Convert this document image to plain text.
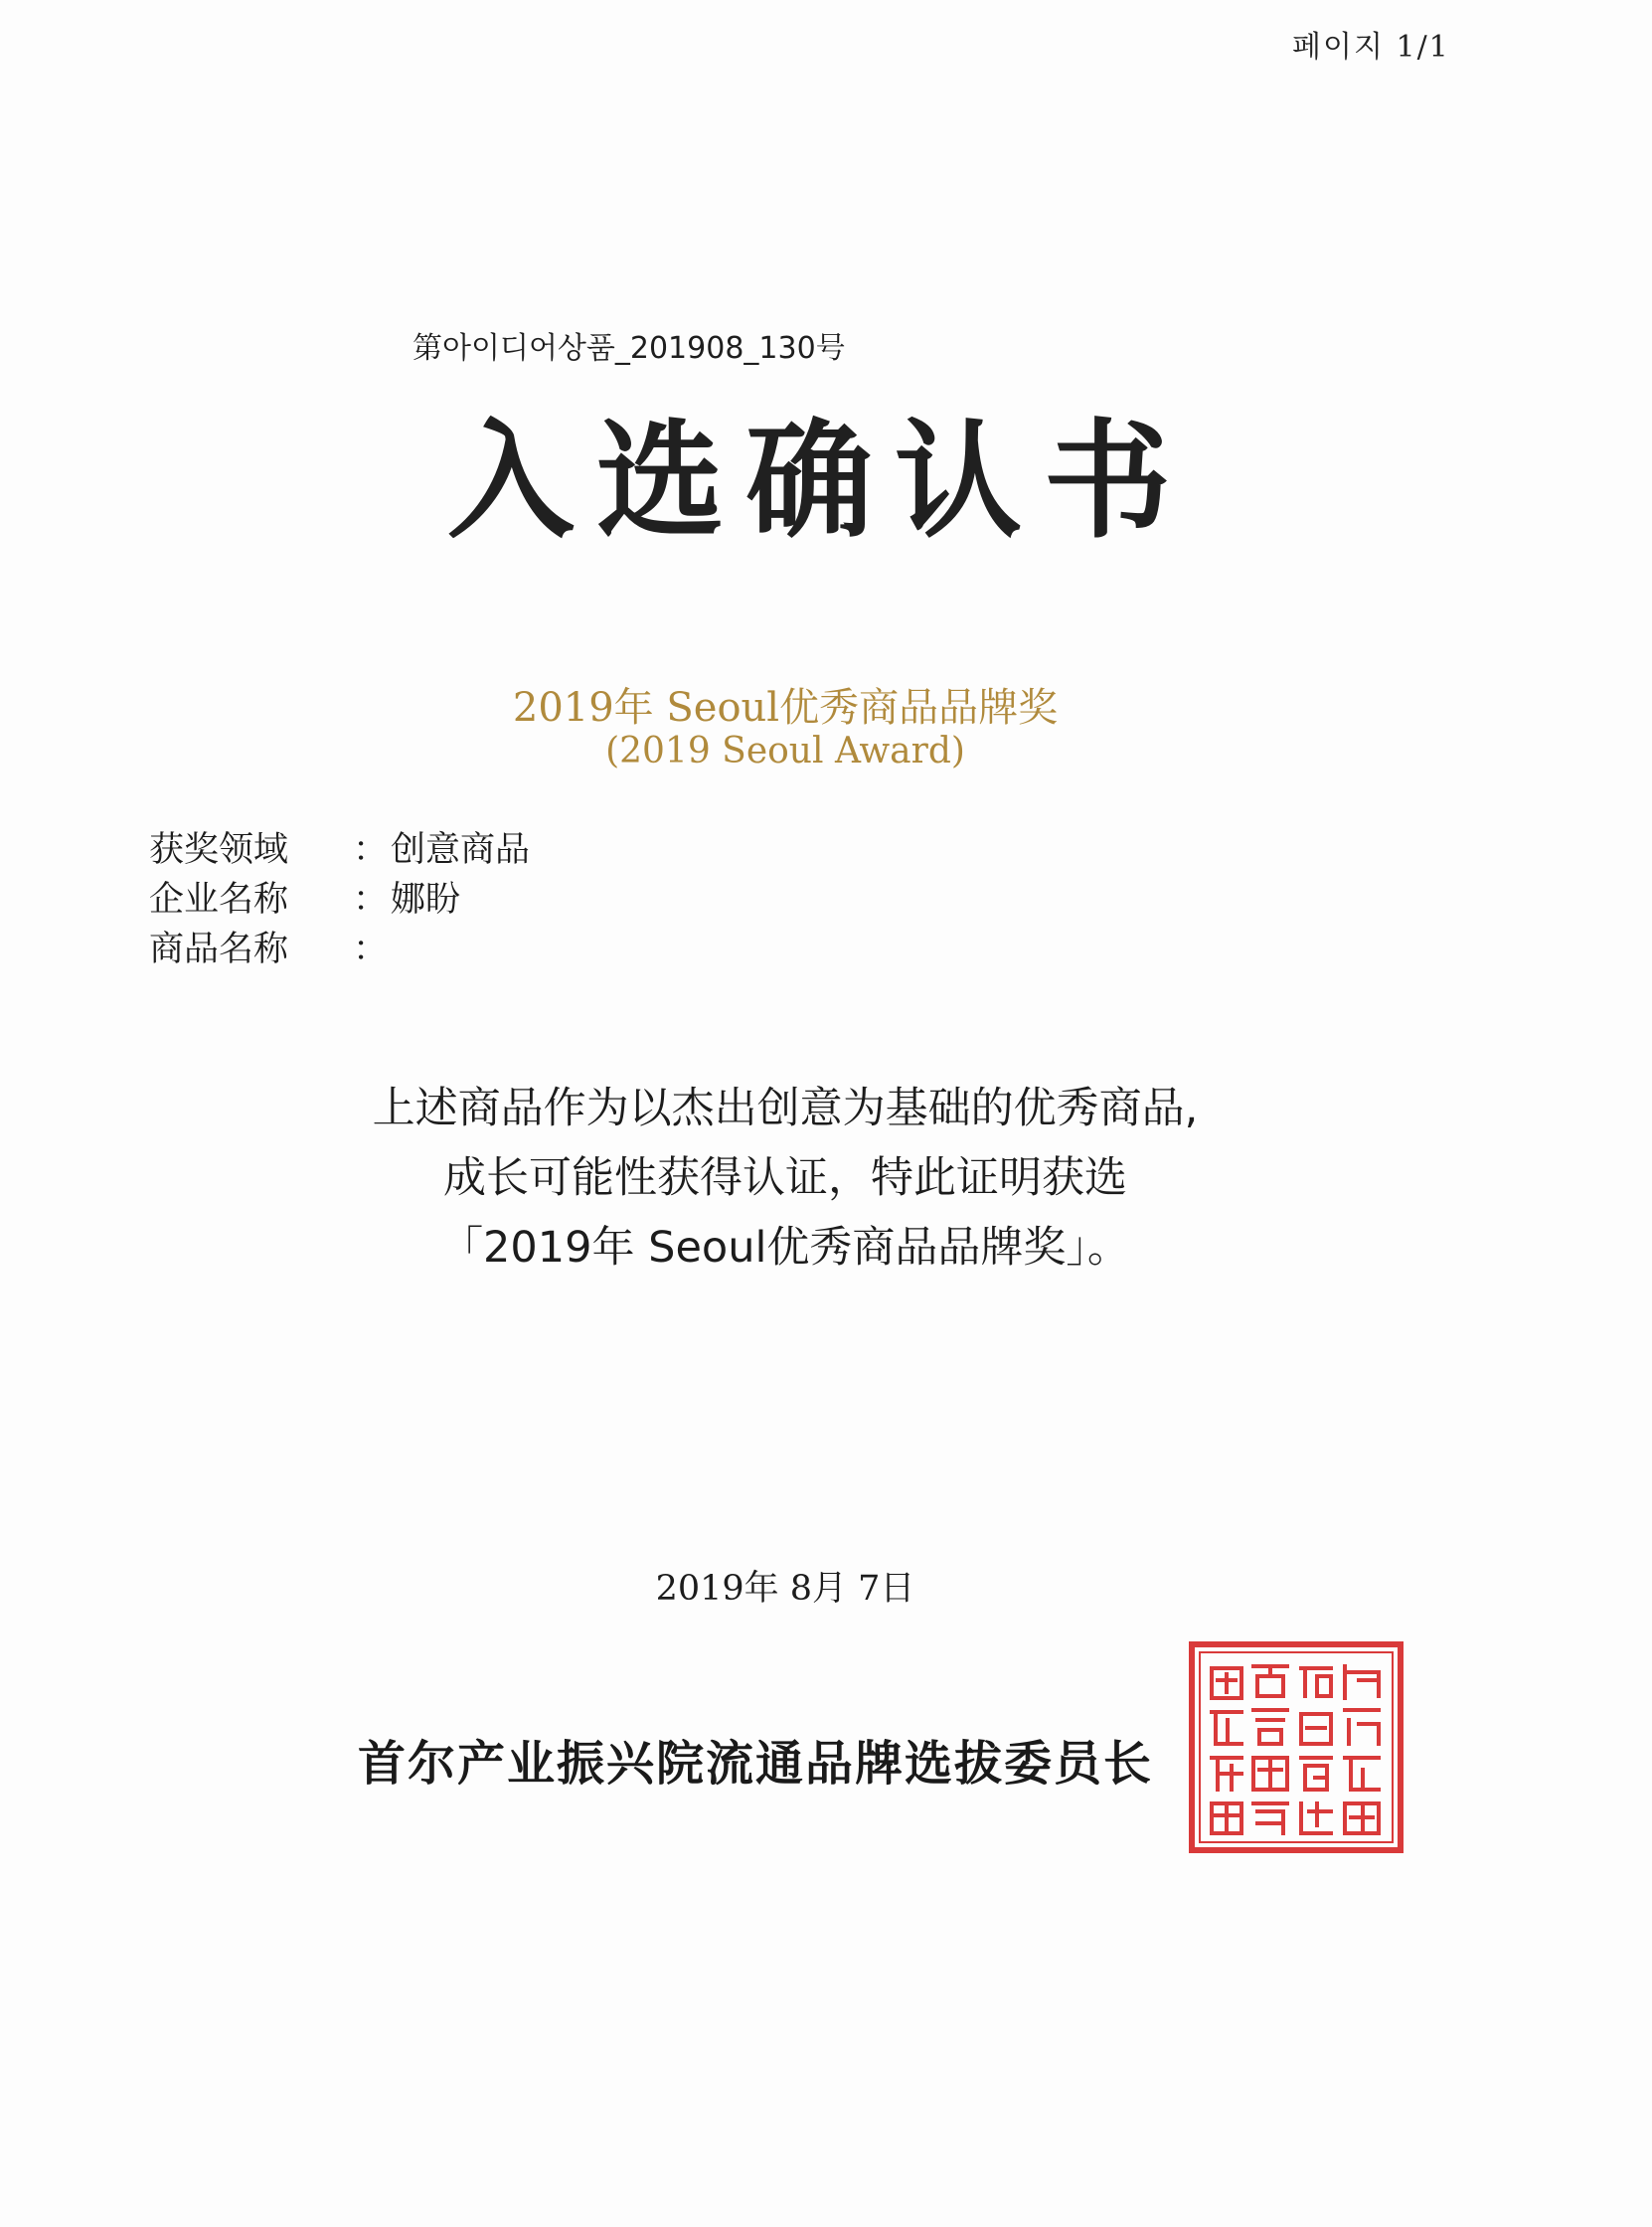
페이지 1/1
第아이디어상품_201908_130号
入选确认书
2019年 Seoul优秀商品品牌奖
(2019 Seoul Award)
获奖领域	： 创意商品
企业名称	： 娜盼
商品名称	：
上述商品作为以杰出创意为基础的优秀商品,
成长可能性获得认证，特此证明获选
「2019年 Seoul优秀商品品牌奖」。
2019年 8月 7日
首尔产业振兴院流通品牌选拔委员长
